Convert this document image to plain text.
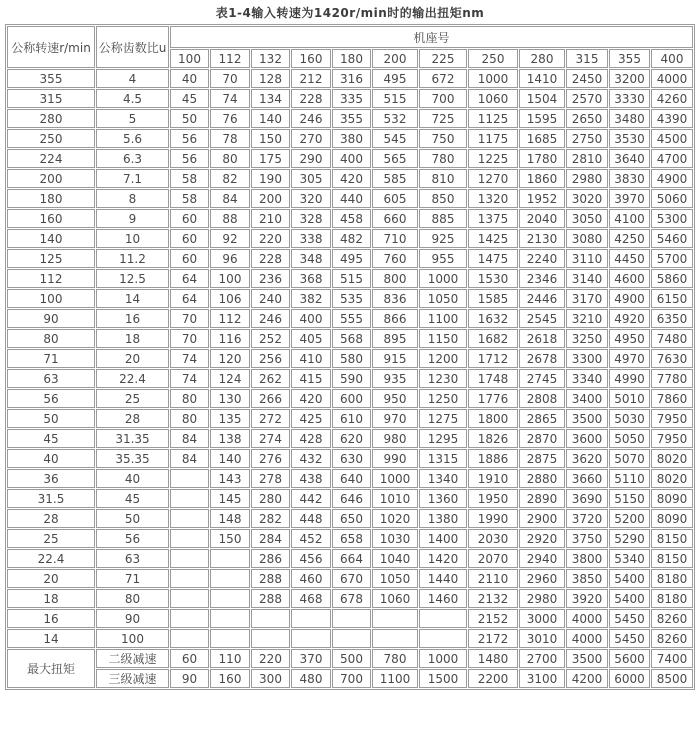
表1-4输入转速为1420r/min时的输出扭矩nm
公称转速r/min	公称齿数比u	机座号											
		100	112	132	160	180	200	225	250	280	315	355	400
355	4	40	70	128	212	316	495	672	1000	1410	2450	3200	4000
315	4.5	45	74	134	228	335	515	700	1060	1504	2570	3330	4260
280	5	50	76	140	246	355	532	725	1125	1595	2650	3480	4390
250	5.6	56	78	150	270	380	545	750	1175	1685	2750	3530	4500
224	6.3	56	80	175	290	400	565	780	1225	1780	2810	3640	4700
200	7.1	58	82	190	305	420	585	810	1270	1860	2980	3830	4900
180	8	58	84	200	320	440	605	850	1320	1952	3020	3970	5060
160	9	60	88	210	328	458	660	885	1375	2040	3050	4100	5300
140	10	60	92	220	338	482	710	925	1425	2130	3080	4250	5460
125	11.2	60	96	228	348	495	760	955	1475	2240	3110	4450	5700
112	12.5	64	100	236	368	515	800	1000	1530	2346	3140	4600	5860
100	14	64	106	240	382	535	836	1050	1585	2446	3170	4900	6150
90	16	70	112	246	400	555	866	1100	1632	2545	3210	4920	6350
80	18	70	116	252	405	568	895	1150	1682	2618	3250	4950	7480
71	20	74	120	256	410	580	915	1200	1712	2678	3300	4970	7630
63	22.4	74	124	262	415	590	935	1230	1748	2745	3340	4990	7780
56	25	80	130	266	420	600	950	1250	1776	2808	3400	5010	7860
50	28	80	135	272	425	610	970	1275	1800	2865	3500	5030	7950
45	31.35	84	138	274	428	620	980	1295	1826	2870	3600	5050	7950
40	35.35	84	140	276	432	630	990	1315	1886	2875	3620	5070	8020
36	40		143	278	438	640	1000	1340	1910	2880	3660	5110	8020
31.5	45		145	280	442	646	1010	1360	1950	2890	3690	5150	8090
28	50		148	282	448	650	1020	1380	1990	2900	3720	5200	8090
25	56		150	284	452	658	1030	1400	2030	2920	3750	5290	8150
22.4	63			286	456	664	1040	1420	2070	2940	3800	5340	8150
20	71			288	460	670	1050	1440	2110	2960	3850	5400	8180
18	80			288	468	678	1060	1460	2132	2980	3920	5400	8180
16	90								2152	3000	4000	5450	8260
14	100								2172	3010	4000	5450	8260
最大扭矩	二级减速	60	110	220	370	500	780	1000	1480	2700	3500	5600	7400
	三级减速	90	160	300	480	700	1100	1500	2200	3100	4200	6000	8500
